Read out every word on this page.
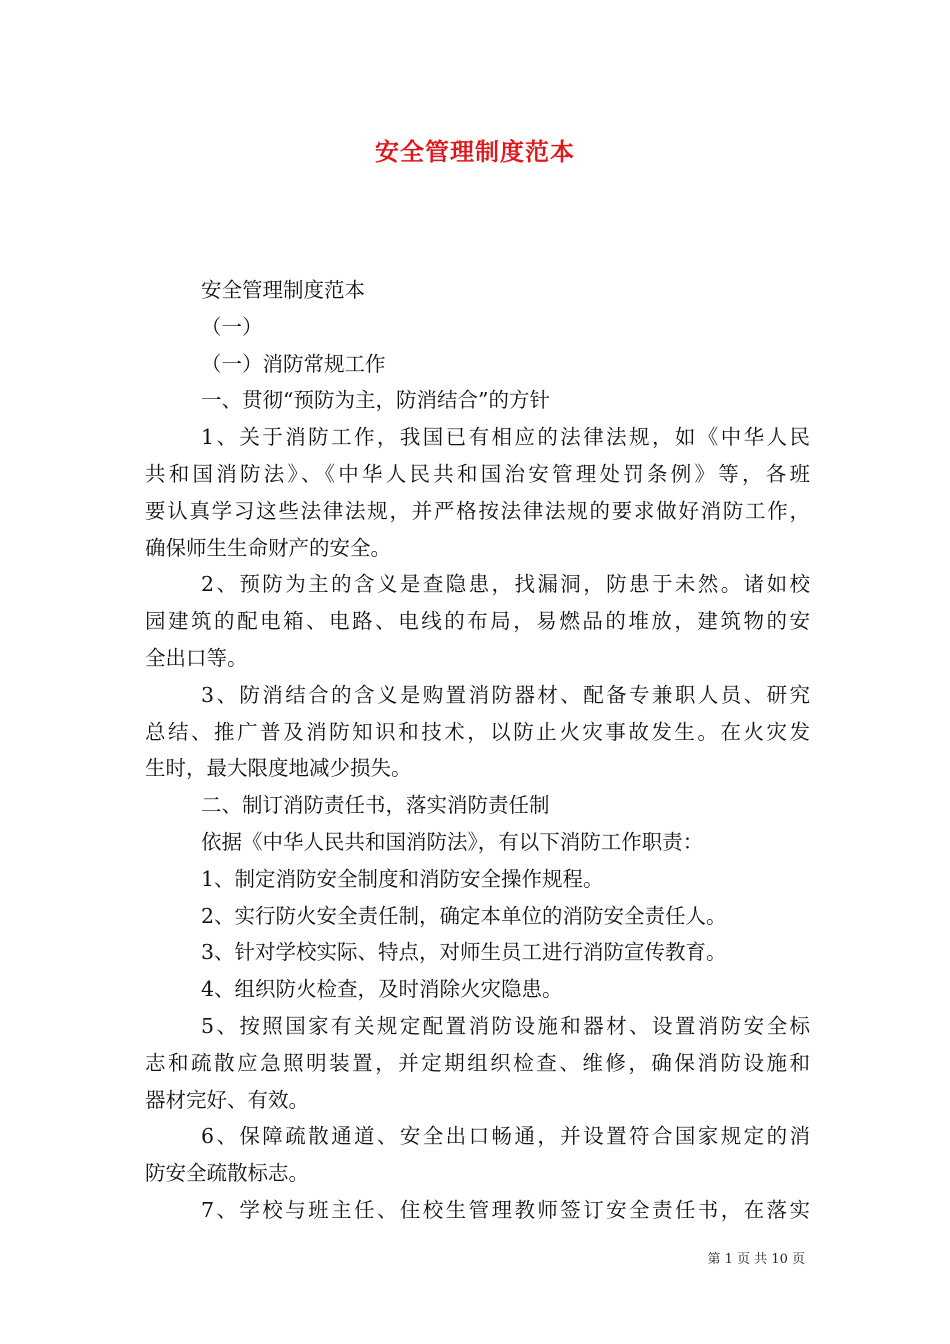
安全管理制度范本
安全管理制度范本
（一）
（一）消防常规工作
一、贯彻“预防为主，防消结合”的方针
1、关于消防工作，我国已有相应的法律法规，如《中华人民
共和国消防法》、《中华人民共和国治安管理处罚条例》等，各班
要认真学习这些法律法规，并严格按法律法规的要求做好消防工作，
确保师生生命财产的安全。
2、预防为主的含义是查隐患，找漏洞，防患于未然。诸如校
园建筑的配电箱、电路、电线的布局，易燃品的堆放，建筑物的安
全出口等。
3、防消结合的含义是购置消防器材、配备专兼职人员、研究
总结、推广普及消防知识和技术，以防止火灾事故发生。在火灾发
生时，最大限度地减少损失。
二、制订消防责任书，落实消防责任制
依据《中华人民共和国消防法》，有以下消防工作职责：
1、制定消防安全制度和消防安全操作规程。
2、实行防火安全责任制，确定本单位的消防安全责任人。
3、针对学校实际、特点，对师生员工进行消防宣传教育。
4、组织防火检查，及时消除火灾隐患。
5、按照国家有关规定配置消防设施和器材、设置消防安全标
志和疏散应急照明装置，并定期组织检查、维修，确保消防设施和
器材完好、有效。
6、保障疏散通道、安全出口畅通，并设置符合国家规定的消
防安全疏散标志。
7、学校与班主任、住校生管理教师签订安全责任书，在落实
第 1 页 共 10 页
